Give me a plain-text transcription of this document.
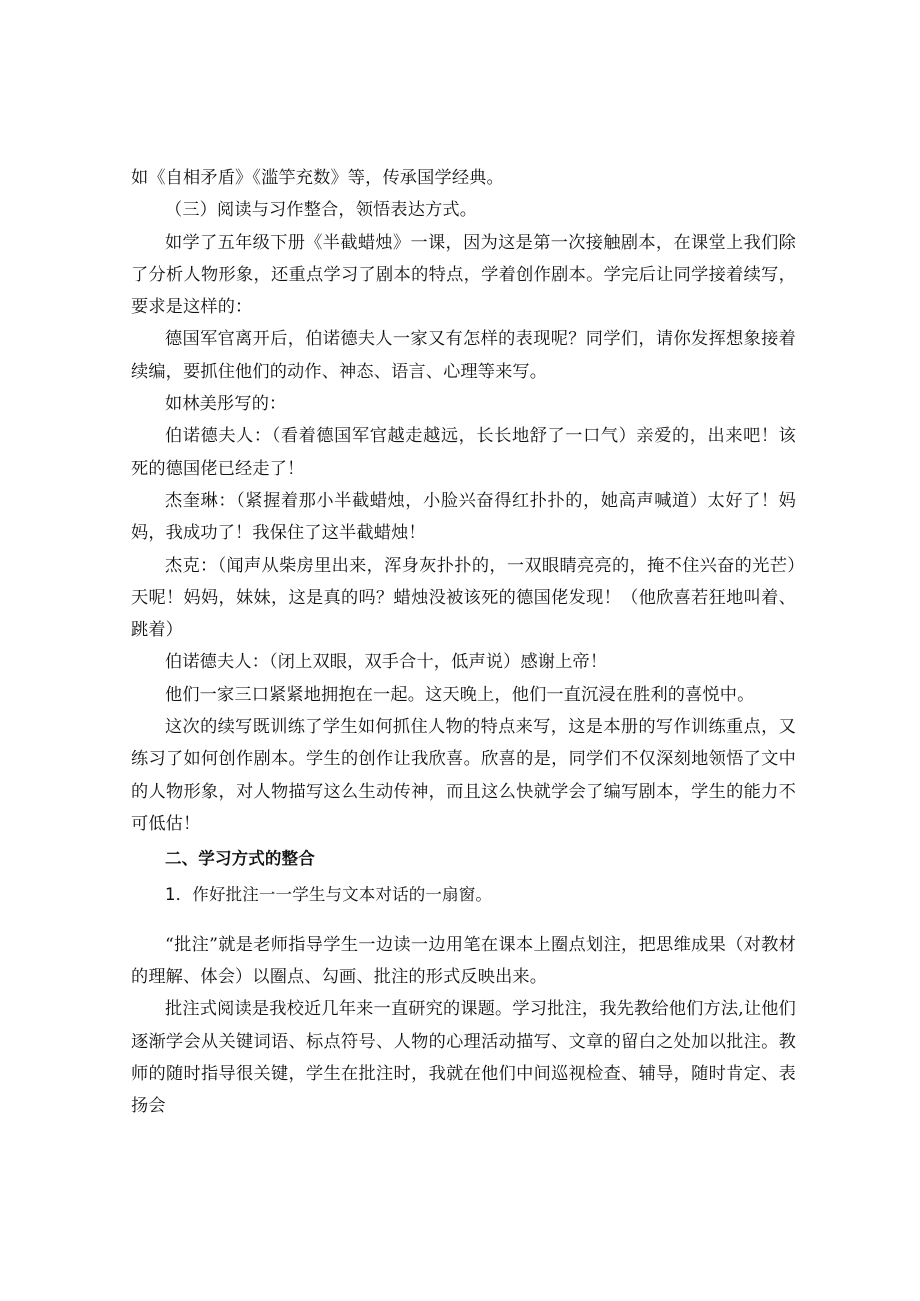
如《自相矛盾》《滥竽充数》等，传承国学经典。

（三）阅读与习作整合，领悟表达方式。

如学了五年级下册《半截蜡烛》一课，因为这是第一次接触剧本，在课堂上我们除了分析人物形象，还重点学习了剧本的特点，学着创作剧本。学完后让同学接着续写，要求是这样的：

德国军官离开后，伯诺德夫人一家又有怎样的表现呢？同学们，请你发挥想象接着续编，要抓住他们的动作、神态、语言、心理等来写。

如林美彤写的：

伯诺德夫人：（看着德国军官越走越远，长长地舒了一口气）亲爱的，出来吧！该死的德国佬已经走了！

杰奎琳：（紧握着那小半截蜡烛，小脸兴奋得红扑扑的，她高声喊道）太好了！妈妈，我成功了！我保住了这半截蜡烛！

杰克：（闻声从柴房里出来，浑身灰扑扑的，一双眼睛亮亮的，掩不住兴奋的光芒）天呢！妈妈，妹妹，这是真的吗？蜡烛没被该死的德国佬发现！（他欣喜若狂地叫着、跳着）

伯诺德夫人：（闭上双眼，双手合十，低声说）感谢上帝！

他们一家三口紧紧地拥抱在一起。这天晚上，他们一直沉浸在胜利的喜悦中。

这次的续写既训练了学生如何抓住人物的特点来写，这是本册的写作训练重点，又练习了如何创作剧本。学生的创作让我欣喜。欣喜的是，同学们不仅深刻地领悟了文中的人物形象，对人物描写这么生动传神，而且这么快就学会了编写剧本，学生的能力不可低估！

二、学习方式的整合

1．作好批注一一学生与文本对话的一扇窗。

“批注”就是老师指导学生一边读一边用笔在课本上圈点划注，把思维成果（对教材的理解、体会）以圈点、勾画、批注的形式反映出来。

批注式阅读是我校近几年来一直研究的课题。学习批注，我先教给他们方法,让他们逐渐学会从关键词语、标点符号、人物的心理活动描写、文章的留白之处加以批注。教师的随时指导很关键，学生在批注时，我就在他们中间巡视检查、辅导，随时肯定、表扬会
